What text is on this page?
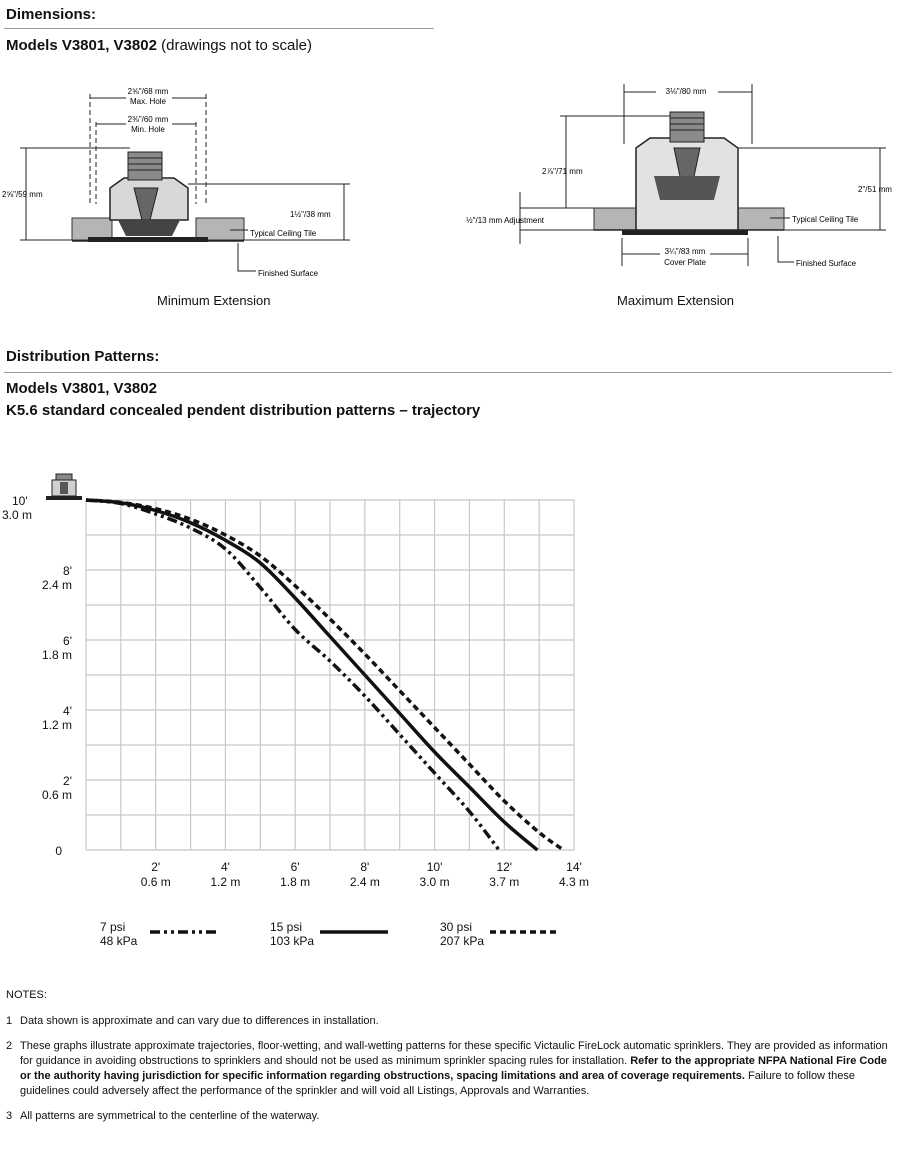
Dimensions:
Models V3801, V3802 (drawings not to scale)
2⅝"/68 mm
Max. Hole
2⅜"/60 mm
Min. Hole
2⅝"/59 mm
1½"/38 mm
Typical Ceiling Tile
Finished Surface
Minimum Extension
3⅛"/80 mm
2⅞"/71 mm
½"/13 mm Adjustment
2"/51 mm
Typical Ceiling Tile
3¼"/83 mm
Cover Plate	Finished Surface
Maximum Extension
Distribution Patterns:
Models V3801, V3802
K5.6 standard concealed pendent distribution patterns – trajectory
10'
3.0 m
8'
2.4 m
6'
1.8 m
4'
1.2 m
2'
0.6 m
0
2'
0.6 m
4'
1.2 m
6'
1.8 m
8'
2.4 m
10'
3.0 m
12'
3.7 m
14'
4.3 m
7 psi
48 kPa
15 psi
103 kPa
30 psi
207 kPa
NOTES:
1 Data shown is approximate and can vary due to differences in installation.
2 These graphs illustrate approximate trajectories, floor-wetting, and wall-wetting patterns for these specific Victaulic FireLock automatic sprinklers. They are provided as information for guidance in avoiding obstructions to sprinklers and should not be used as minimum sprinkler spacing rules for installation. Refer to the appropriate NFPA National Fire Code or the authority having jurisdiction for specific information regarding obstructions, spacing limitations and area of coverage requirements. Failure to follow these guidelines could adversely affect the performance of the sprinkler and will void all Listings, Approvals and Warranties.
3 All patterns are symmetrical to the centerline of the waterway.
